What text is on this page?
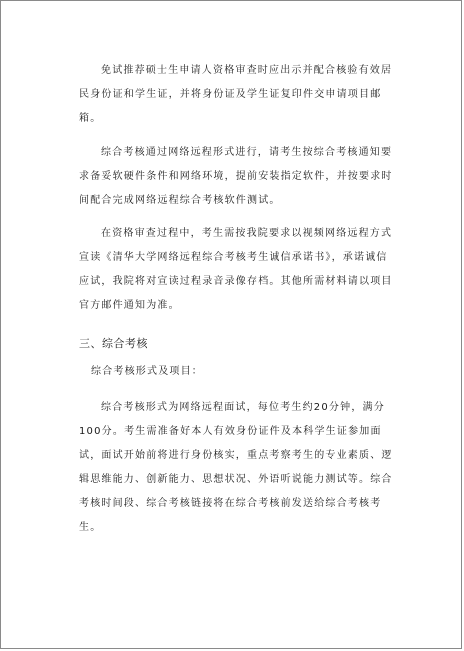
免试推荐硕士生申请人资格审查时应出示并配合核验有效居民身份证和学生证，并将身份证及学生证复印件交申请项目邮箱。

综合考核通过网络远程形式进行，请考生按综合考核通知要求备妥软硬件条件和网络环境，提前安装指定软件，并按要求时间配合完成网络远程综合考核软件测试。

在资格审查过程中，考生需按我院要求以视频网络远程方式宣读《清华大学网络远程综合考核考生诚信承诺书》，承诺诚信应试，我院将对宣读过程录音录像存档。其他所需材料请以项目官方邮件通知为准。

三、综合考核

综合考核形式及项目：

综合考核形式为网络远程面试，每位考生约20分钟，满分100分。考生需准备好本人有效身份证件及本科学生证参加面试，面试开始前将进行身份核实，重点考察考生的专业素质、逻辑思维能力、创新能力、思想状况、外语听说能力测试等。综合考核时间段、综合考核链接将在综合考核前发送给综合考核考生。
